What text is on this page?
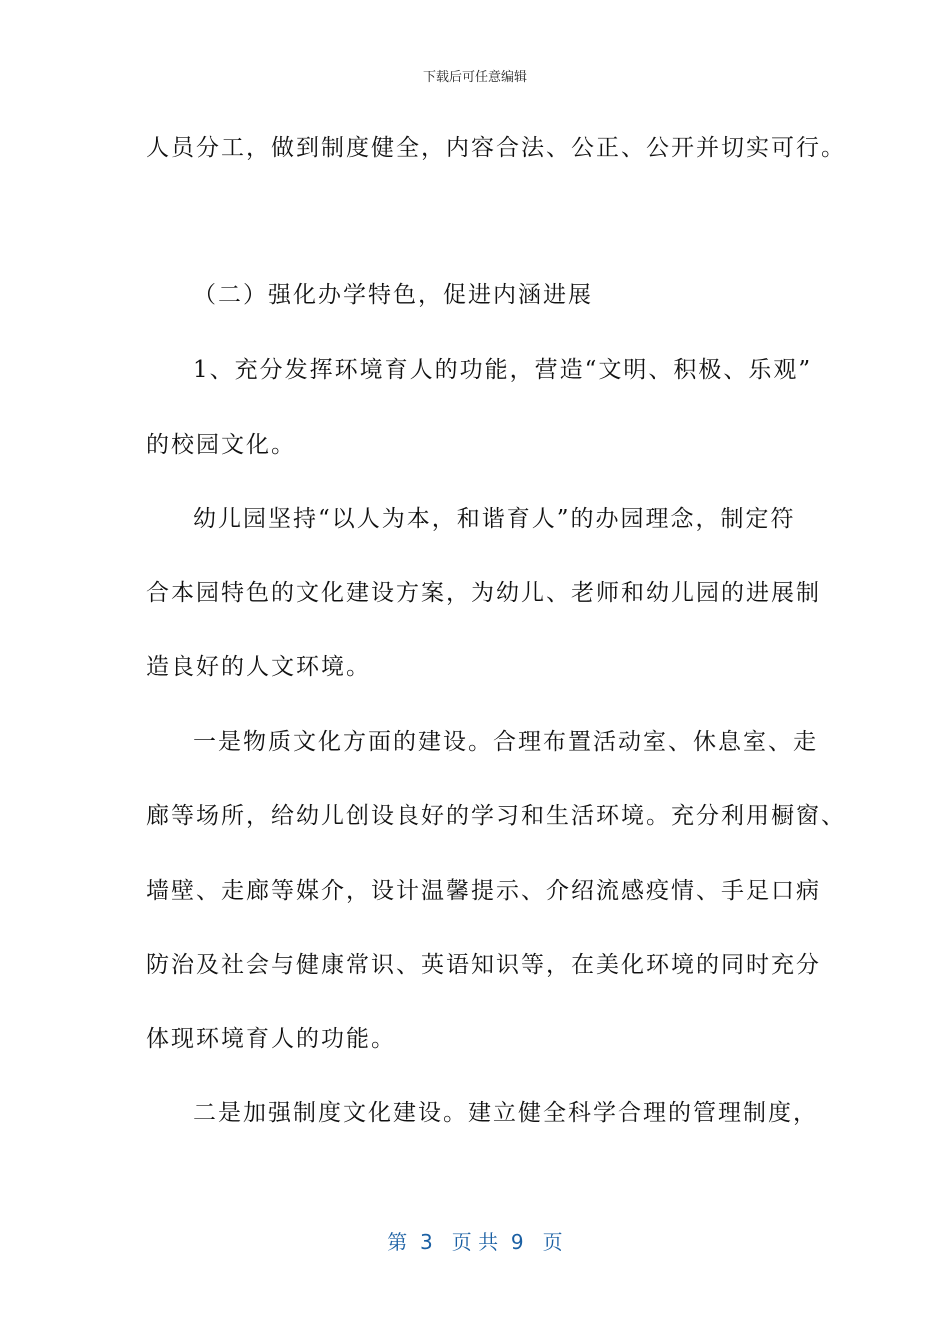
下载后可任意编辑
人员分工，做到制度健全，内容合法、公正、公开并切实可行。
（二）强化办学特色，促进内涵进展
1、充分发挥环境育人的功能，营造“文明、积极、乐观”
的校园文化。
幼儿园坚持“以人为本，和谐育人”的办园理念，制定符
合本园特色的文化建设方案，为幼儿、老师和幼儿园的进展制
造良好的人文环境。
一是物质文化方面的建设。合理布置活动室、休息室、走
廊等场所，给幼儿创设良好的学习和生活环境。充分利用橱窗、
墙壁、走廊等媒介，设计温馨提示、介绍流感疫情、手足口病
防治及社会与健康常识、英语知识等，在美化环境的同时充分
体现环境育人的功能。
二是加强制度文化建设。建立健全科学合理的管理制度，
第  3   页 共  9   页
